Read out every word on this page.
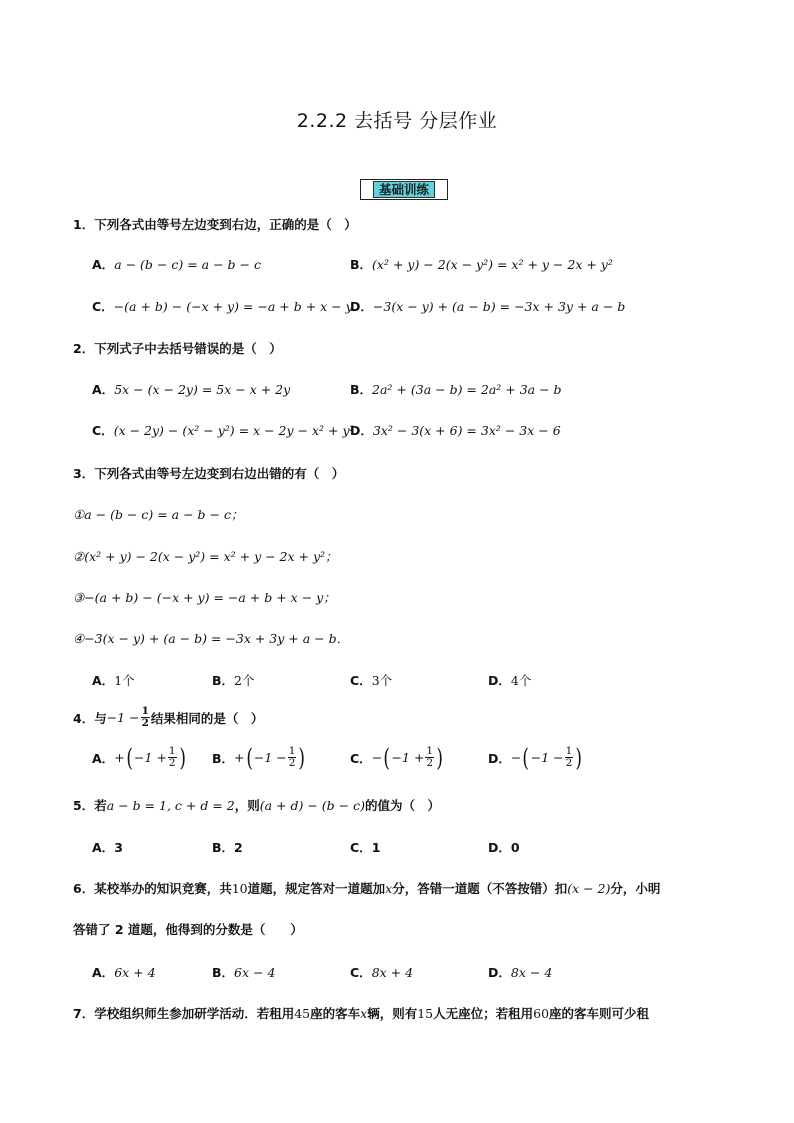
2.2.2 去括号 分层作业
基础训练
1．下列各式由等号左边变到右边，正确的是（　）
A． a − (b − c) = a − b − c	B． (x² + y) − 2(x − y²) = x² + y − 2x + y²
C． −(a + b) − (−x + y) = −a + b + x − y
D． −3(x − y) + (a − b) = −3x + 3y + a − b
2．下列式子中去括号错误的是（　）
A． 5x − (x − 2y) = 5x − x + 2y	B． 2a² + (3a − b) = 2a² + 3a − b
C． (x − 2y) − (x² − y²) = x − 2y − x² + y²
D． 3x² − 3(x + 6) = 3x² − 3x − 6
3．下列各式由等号左边变到右边出错的有（　）
①a − (b − c) = a − b − c；
②(x² + y) − 2(x − y²) = x² + y − 2x + y²；
③−(a + b) − (−x + y) = −a + b + x − y；
④−3(x − y) + (a − b) = −3x + 3y + a − b．
A． 1个	B． 2个	C． 3个	D． 4个
4．与 $-1 - \frac{1}{2}$ 结果相同的是（　）
A． + ( $-1 + \frac{1}{2}$ ) B． + ( $-1 - \frac{1}{2}$ )	C． − ( $-1 + \frac{1}{2}$ )	D． − ( $-1 - \frac{1}{2}$ )
5．若 a − b = 1, c + d = 2 ，则 (a + d) − (b − c) 的值为（　）
A． 3	B． 2	C． 1	D． 0
6．某校举办的知识竞赛，共 10 道题，规定答对一道题加 x 分，答错一道题（不答按错）扣 (x − 2) 分，小明
答错了 2 道题，他得到的分数是（　　）
A． 6x + 4	B． 6x − 4	C． 8x + 4	D． 8x − 4
7．学校组织师生参加研学活动．若租用 45 座的客车 x 辆，则有 15 人无座位；若租用 60 座的客车则可少租
